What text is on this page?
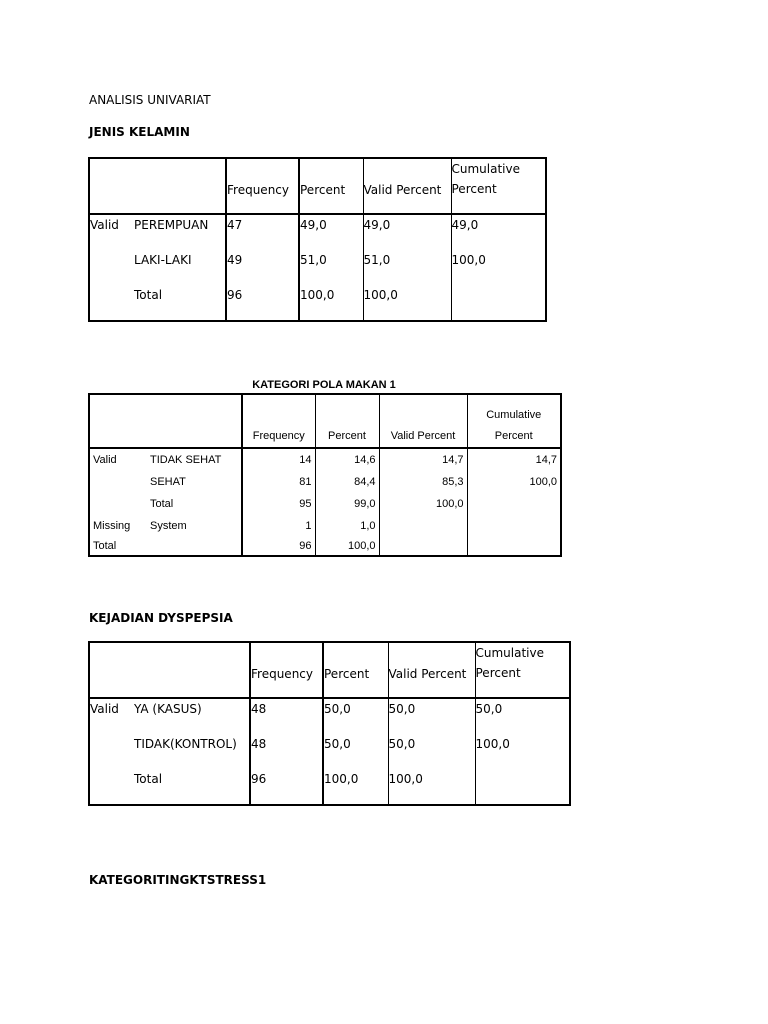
ANALISIS UNIVARIAT
JENIS KELAMIN

		Frequency	Percent	Valid Percent	Cumulative Percent

Valid	PEREMPUAN	47	49,0	49,0	49,0
	LAKI-LAKI	49	51,0	51,0	100,0
	Total	96	100,0	100,0	
KATEGORI POLA MAKAN 1
		Frequency	Percent	Valid Percent	Cumulative
Percent

Valid	TIDAK SEHAT	14	14,6	14,7	14,7
	SEHAT	81	84,4	85,3	100,0
	Total	95	99,0	100,0	
Missing	System	1	1,0		
Total		96	100,0		
KEJADIAN DYSPEPSIA

		Frequency	Percent	Valid Percent	Cumulative Percent

Valid	YA (KASUS)	48	50,0	50,0	50,0
	TIDAK(KONTROL)	48	50,0	50,0	100,0
	Total	96	100,0	100,0	
KATEGORITINGKTSTRESS1
